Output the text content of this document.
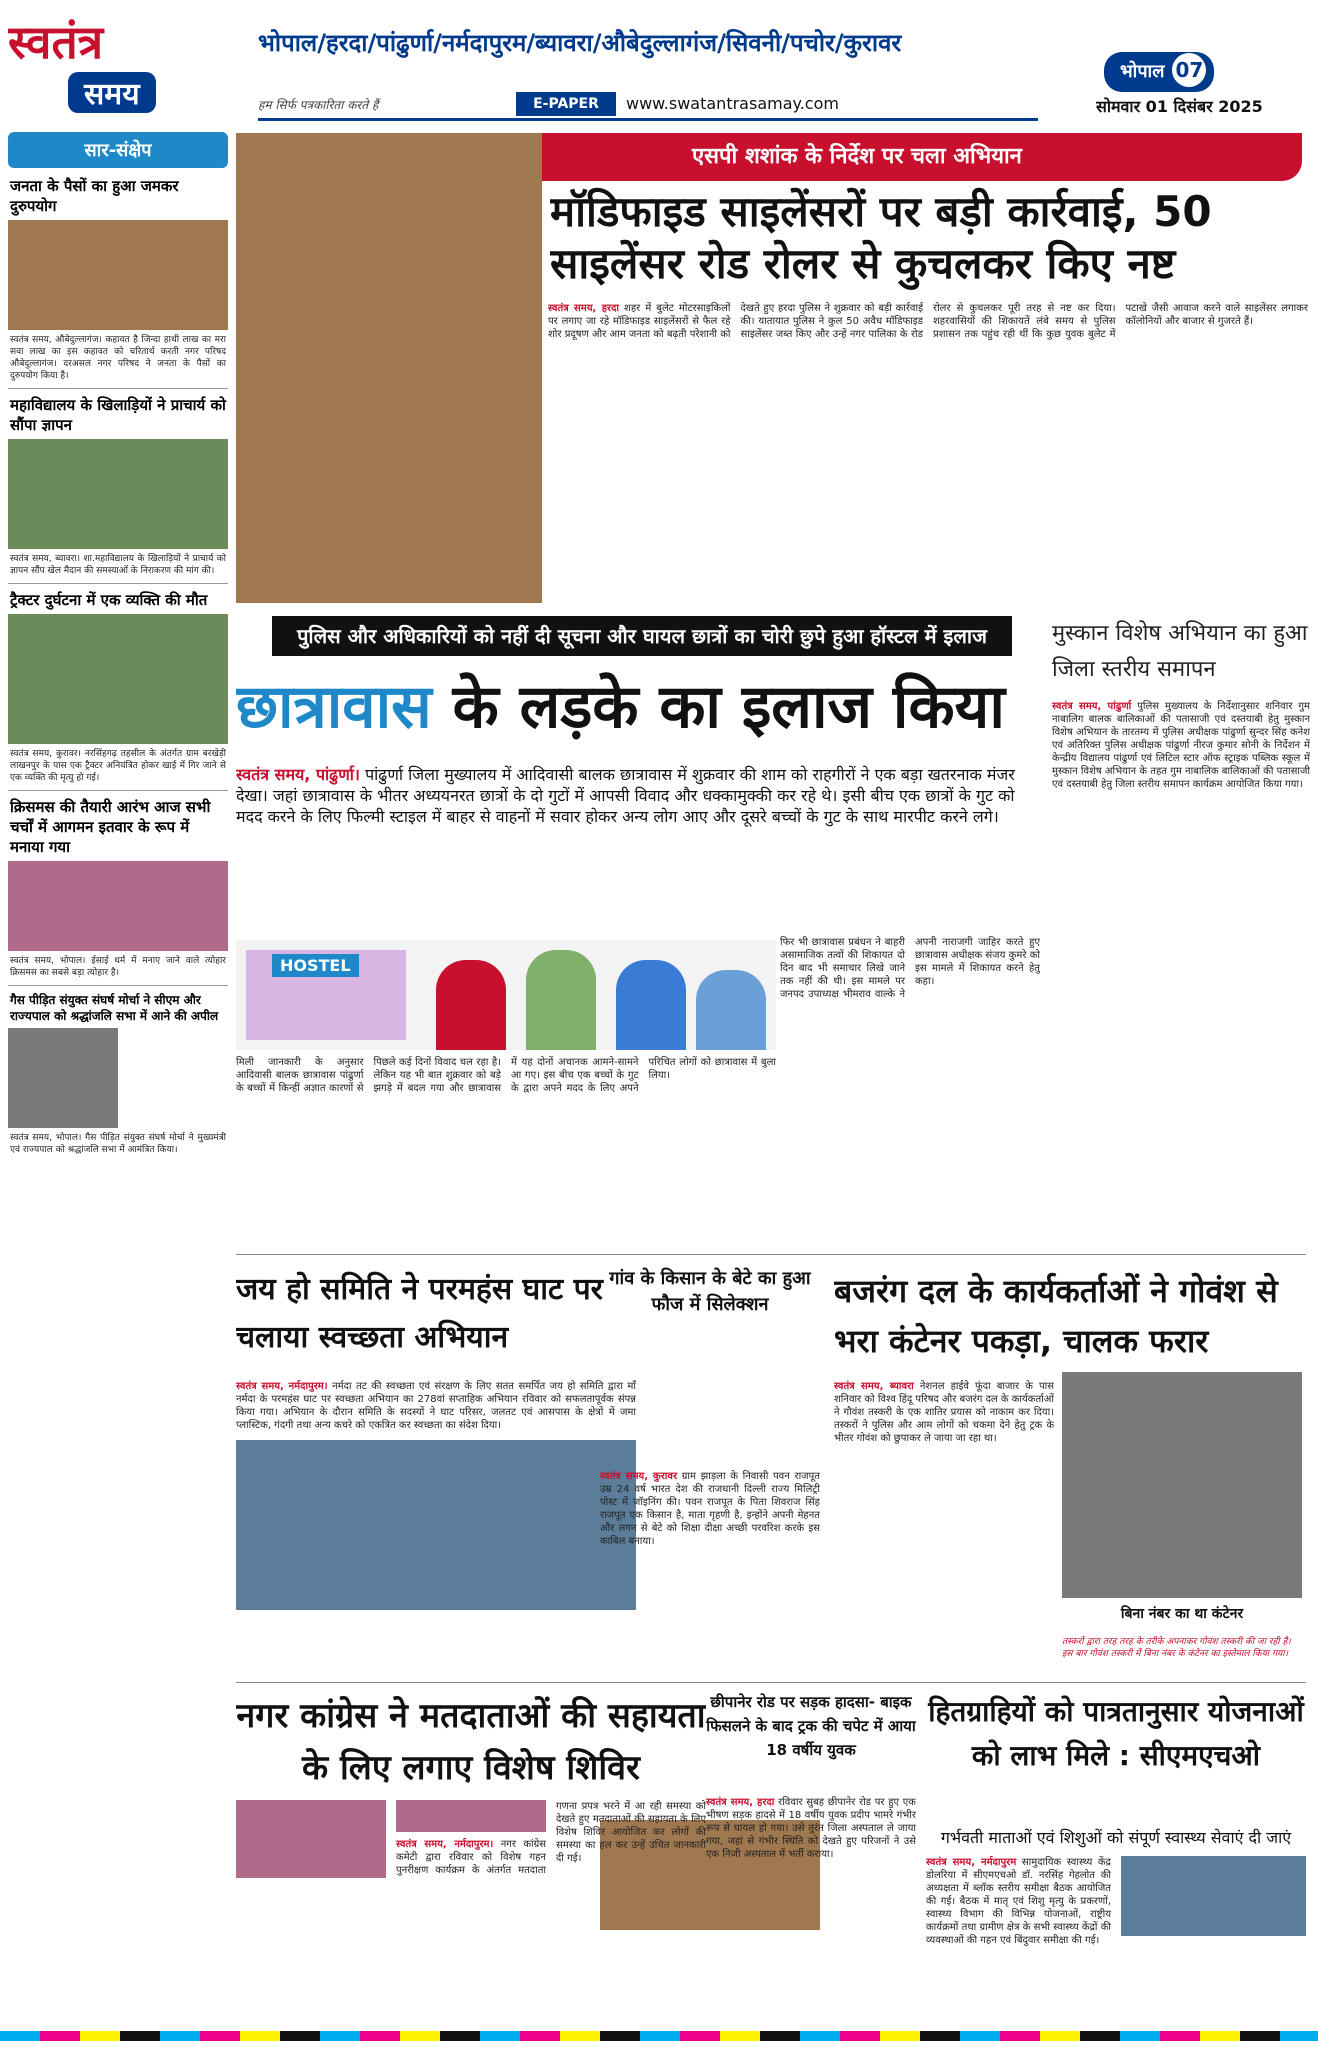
स्वतंत्र
समय
भोपाल/हरदा/पांढुर्णा/नर्मदापुरम/ब्यावरा/औबेदुल्लागंज/सिवनी/पचोर/कुरावर
हम सिर्फ पत्रकारिता करते हैं	E-PAPER	www.swatantrasamay.com
भोपाल 07
सोमवार 01 दिसंबर 2025
सार-संक्षेप
जनता के पैसों का हुआ जमकर दुरुपयोग
स्वतंत्र समय, औबेदुल्लागंज। कहावत है जिन्दा हाथी लाख का मरा सवा लाख का इस कहावत को चरितार्थ करती नगर परिषद औबेदुल्लागंज। दरअसल नगर परिषद ने जनता के पैसों का दुरुपयोग किया है।
महाविद्यालय के खिलाड़ियों ने प्राचार्य को सौंपा ज्ञापन
स्वतंत्र समय, ब्यावरा। शा.महाविद्यालय के खिलाड़ियों ने प्राचार्य को ज्ञापन सौंप खेल मैदान की समस्याओं के निराकरण की मांग की।
ट्रैक्टर दुर्घटना में एक व्यक्ति की मौत
स्वतंत्र समय, कुरावर। नरसिंहगढ़ तहसील के अंतर्गत ग्राम बरखेड़ी लाखनपुर के पास एक ट्रैक्टर अनियंत्रित होकर खाई में गिर जाने से एक व्यक्ति की मृत्यु हो गई।
क्रिसमस की तैयारी आरंभ आज सभी चर्चों में आगमन इतवार के रूप में मनाया गया
स्वतंत्र समय, भोपाल। ईसाई धर्म में मनाए जाने वाले त्योहार क्रिसमस का सबसे बड़ा त्योहार है।
गैस पीड़ित संयुक्त संघर्ष मोर्चा ने सीएम और राज्यपाल को श्रद्धांजलि सभा में आने की अपील
स्वतंत्र समय, भोपाल। गैस पीड़ित संयुक्त संघर्ष मोर्चा ने मुख्यमंत्री एवं राज्यपाल को श्रद्धांजलि सभा में आमंत्रित किया।
एसपी शशांक के निर्देश पर चला अभियान
मॉडिफाइड साइलेंसरों पर बड़ी कार्रवाई, 50 साइलेंसर रोड रोलर से कुचलकर किए नष्ट
स्वतंत्र समय, हरदा शहर में बुलेट मोटरसाइकिलों पर लगाए जा रहे मॉडिफाइड साइलेंसरों से फैल रहे शोर प्रदूषण और आम जनता को बढ़ती परेशानी को देखते हुए हरदा पुलिस ने शुक्रवार को बड़ी कार्रवाई की। यातायात पुलिस ने कुल 50 अवैध मॉडिफाइड साइलेंसर जब्त किए और उन्हें नगर पालिका के रोड रोलर से कुचलकर पूरी तरह से नष्ट कर दिया। शहरवासियों की शिकायतें लंबे समय से पुलिस प्रशासन तक पहुंच रही थीं कि कुछ युवक बुलेट में पटाखे जैसी आवाज करने वाले साइलेंसर लगाकर कॉलोनियों और बाजार से गुजरते हैं।
पुलिस और अधिकारियों को नहीं दी सूचना और घायल छात्रों का चोरी छुपे हुआ हॉस्टल में इलाज
छात्रावास के लड़के का इलाज किया
स्वतंत्र समय, पांढुर्णा। पांढुर्णा जिला मुख्यालय में आदिवासी बालक छात्रावास में शुक्रवार की शाम को राहगीरों ने एक बड़ा खतरनाक मंजर देखा। जहां छात्रावास के भीतर अध्ययनरत छात्रों के दो गुटों में आपसी विवाद और धक्कामुक्की कर रहे थे। इसी बीच एक छात्रों के गुट को मदद करने के लिए फिल्मी स्टाइल में बाहर से वाहनों में सवार होकर अन्य लोग आए और दूसरे बच्चों के गुट के साथ मारपीट करने लगे।
HOSTEL
मिली जानकारी के अनुसार आदिवासी बालक छात्रावास पांढुर्णा के बच्चों में किन्हीं अज्ञात कारणों से पिछले कई दिनों विवाद चल रहा है। लेकिन यह भी बात शुक्रवार को बड़े झगड़े में बदल गया और छात्रावास में यह दोनों अचानक आमने-सामने आ गए। इस बीच एक बच्चों के गुट के द्वारा अपने मदद के लिए अपने परिचित लोगों को छात्रावास में बुला लिया।
फिर भी छात्रावास प्रबंधन ने बाहरी असामाजिक तत्वों की शिकायत दो दिन बाद भी समाचार लिखे जाने तक नहीं की थी। इस मामले पर जनपद उपाध्यक्ष भीमराव वाल्के ने अपनी नाराजगी जाहिर करते हुए छात्रावास अधीक्षक संजय कुमरे को इस मामले में शिकायत करने हेतु कहा।
मुस्कान विशेष अभियान का हुआ जिला स्तरीय समापन
स्वतंत्र समय, पांढुर्णा पुलिस मुख्यालय के निर्देशानुसार शनिवार गुम नाबालिग बालक बालिकाओं की पतासाजी एवं दस्तयाबी हेतु मुस्कान विशेष अभियान के तारतम्य में पुलिस अधीक्षक पांढुर्णा सुन्दर सिंह कनेश एवं अतिरिक्त पुलिस अधीक्षक पांढुर्णा नीरज कुमार सोनी के निर्देशन में केन्द्रीय विद्यालय पांढुर्णा एवं लिटिल स्टार ऑफ स्ट्राइक पब्लिक स्कूल में मुस्कान विशेष अभियान के तहत गुम नाबालिक बालिकाओं की पतासाजी एवं दस्तयाबी हेतु जिला स्तरीय समापन कार्यक्रम आयोजित किया गया।
जय हो समिति ने परमहंस घाट पर चलाया स्वच्छता अभियान
स्वतंत्र समय, नर्मदापुरम। नर्मदा तट की स्वच्छता एवं संरक्षण के लिए सतत समर्पित जय हो समिति द्वारा माँ नर्मदा के परमहंस घाट पर स्वच्छता अभियान का 278वां सप्ताहिक अभियान रविवार को सफलतापूर्वक संपन्न किया गया। अभियान के दौरान समिति के सदस्यों ने घाट परिसर, जलतट एवं आसपास के क्षेत्रों में जमा प्लास्टिक, गंदगी तथा अन्य कचरे को एकत्रित कर स्वच्छता का संदेश दिया।
गांव के किसान के बेटे का हुआ फौज में सिलेक्शन
स्वतंत्र समय, कुरावर ग्राम झाड़ला के निवासी पवन राजपूत उम्र 24 वर्ष भारत देश की राजधानी दिल्ली राज्य मिलिट्री पोस्ट में जॉइनिंग की। पवन राजपूत के पिता शिवराज सिंह राजपूत एक किसान है, माता गृहणी है, इन्होंने अपनी मेहनत और लगन से बेटे को शिक्षा दीक्षा अच्छी परवरिश करके इस काबिल बनाया।
बजरंग दल के कार्यकर्ताओं ने गोवंश से भरा कंटेनर पकड़ा, चालक फरार
स्वतंत्र समय, ब्यावरा नेशनल हाईवे फूंदा बाजार के पास शनिवार को विश्व हिंदू परिषद और बजरंग दल के कार्यकर्ताओं ने गौवंश तस्करी के एक शातिर प्रयास को नाकाम कर दिया। तस्करों ने पुलिस और आम लोगों को चकमा देने हेतु ट्रक के भीतर गोवंश को छुपाकर ले जाया जा रहा था।
बिना नंबर का था कंटेनर
तस्करों द्वारा तरह तरह के तरीके अपनाकर गोवंश तस्करी की जा रही है। इस बार गोवंश तस्करी में बिना नंबर के कंटेनर का इस्तेमाल किया गया।
नगर कांग्रेस ने मतदाताओं की सहायता के लिए लगाए विशेष शिविर
स्वतंत्र समय, नर्मदापुरम। नगर कांग्रेस कमेटी द्वारा रविवार को विशेष गहन पुनरीक्षण कार्यक्रम के अंतर्गत मतदाता गणना प्रपत्र भरने में आ रही समस्या को देखते हुए मतदाताओं की सहायता के लिए विशेष शिविर आयोजित कर लोगों की समस्या का हल कर उन्हें उचित जानकारी दी गई।
छीपानेर रोड पर सड़क हादसा- बाइक फिसलने के बाद ट्रक की चपेट में आया 18 वर्षीय युवक
स्वतंत्र समय, हरदा रविवार सुबह छीपानेर रोड पर हुए एक भीषण सड़क हादसे में 18 वर्षीय युवक प्रदीप भामरे गंभीर रूप से घायल हो गया। उसे तुरंत जिला अस्पताल ले जाया गया, जहां से गंभीर स्थिति को देखते हुए परिजनों ने उसे एक निजी अस्पताल में भर्ती कराया।
हितग्राहियों को पात्रतानुसार योजनाओं को लाभ मिले : सीएमएचओ
गर्भवती माताओं एवं शिशुओं को संपूर्ण स्वास्थ्य सेवाएं दी जाएं
स्वतंत्र समय, नर्मदापुरम सामुदायिक स्वास्थ्य केंद्र डोलरिया में सीएमएचओ डॉ. नरसिंह गेहलोत की अध्यक्षता में ब्लॉक स्तरीय समीक्षा बैठक आयोजित की गई। बैठक में मातृ एवं शिशु मृत्यु के प्रकरणों, स्वास्थ्य विभाग की विभिन्न योजनाओं, राष्ट्रीय कार्यक्रमों तथा ग्रामीण क्षेत्र के सभी स्वास्थ्य केंद्रों की व्यवस्थाओं की गहन एवं बिंदुवार समीक्षा की गई।
